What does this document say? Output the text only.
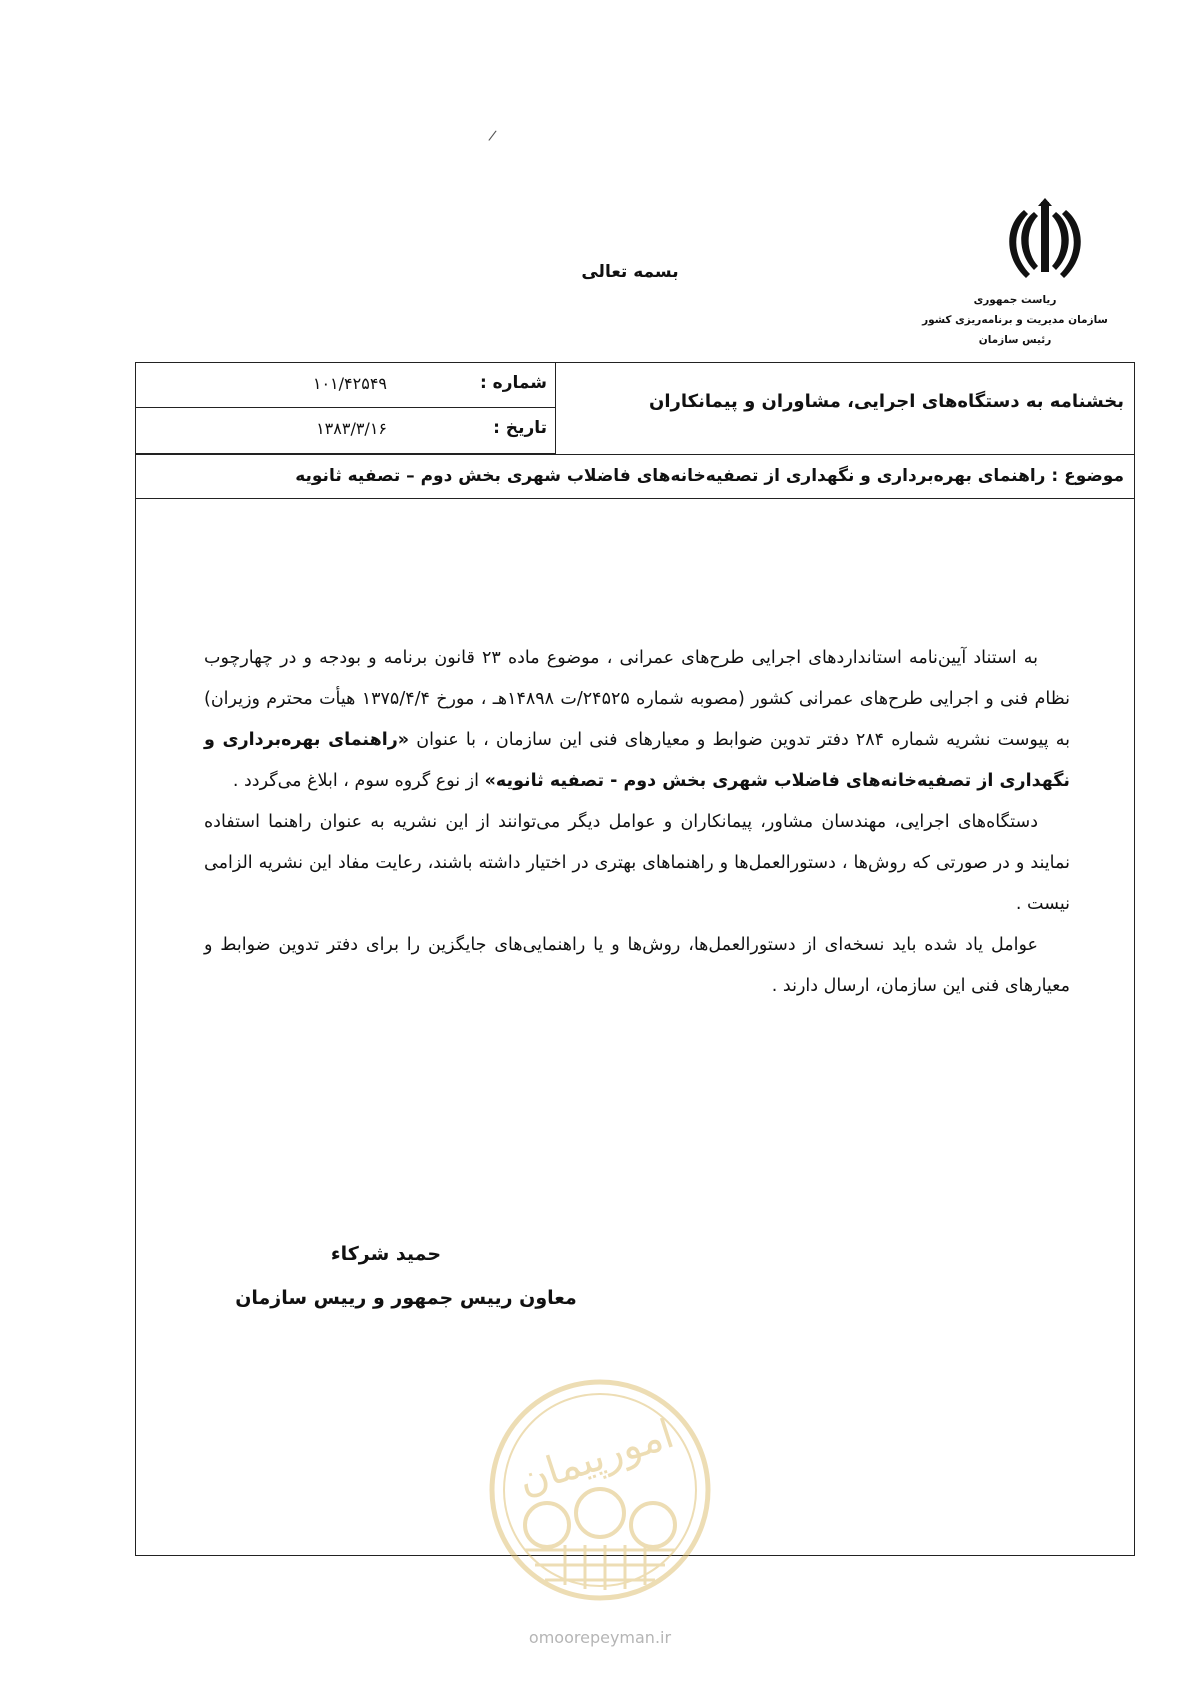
/
بسمه تعالی
ریاست جمهوری
سازمان مدیریت و برنامه‌ریزی کشور
رئیس سازمان
شماره :
۱۰۱/۴۲۵۴۹
تاریخ :
۱۳۸۳/۳/۱۶
بخشنامه به دستگاه‌های اجرایی، مشاوران و پیمانکاران
موضوع : راهنمای بهره‌برداری و نگهداری از تصفیه‌خانه‌های فاضلاب شهری بخش دوم – تصفیه ثانویه

به استناد آیین‌نامه استانداردهای اجرایی طرح‌های عمرانی ، موضوع ماده ۲۳ قانون برنامه و بودجه و در چهارچوب نظام فنی و اجرایی طرح‌های عمرانی کشور (مصوبه شماره ۲۴۵۲۵/ت ۱۴۸۹۸هـ ، مورخ ۱۳۷۵/۴/۴ هیأت محترم وزیران) به پیوست نشریه شماره ۲۸۴ دفتر تدوین ضوابط و معیارهای فنی این سازمان ، با عنوان «راهنمای بهره‌برداری و نگهداری از تصفیه‌خانه‌های فاضلاب شهری بخش دوم - تصفیه ثانویه» از نوع گروه سوم ، ابلاغ می‌گردد .

دستگاه‌های اجرایی، مهندسان مشاور، پیمانکاران و عوامل دیگر می‌توانند از این نشریه به عنوان راهنما استفاده نمایند و در صورتی که روش‌ها ، دستورالعمل‌ها و راهنماهای بهتری در اختیار داشته باشند، رعایت مفاد این نشریه الزامی نیست .

عوامل یاد شده باید نسخه‌ای از دستورالعمل‌ها، روش‌ها و یا راهنمایی‌های جایگزین را برای دفتر تدوین ضوابط و معیارهای فنی این سازمان، ارسال دارند .

حمید شرکاء
معاون رییس جمهور و رییس سازمان
امورپیمان
omoorepeyman.ir
